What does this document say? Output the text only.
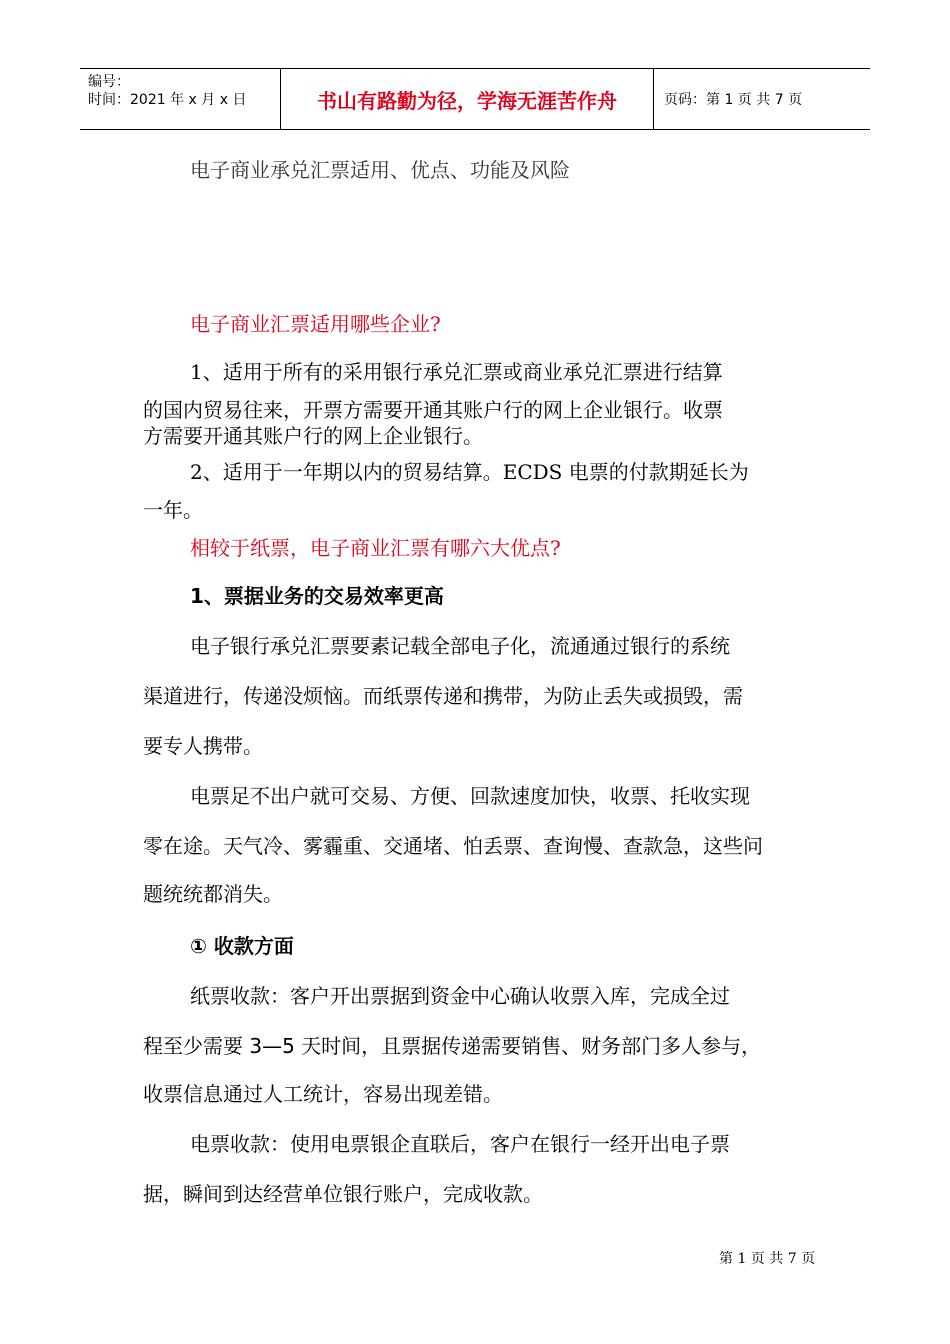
编号：
时间：2021 年 x 月 x 日	书山有路勤为径，学海无涯苦作舟	页码：第 1 页 共 7 页
电子商业承兑汇票适用、优点、功能及风险
电子商业汇票适用哪些企业?
1、适用于所有的采用银行承兑汇票或商业承兑汇票进行结算
的国内贸易往来，开票方需要开通其账户行的网上企业银行。收票
方需要开通其账户行的网上企业银行。
2、适用于一年期以内的贸易结算。ECDS 电票的付款期延长为
一年。
相较于纸票，电子商业汇票有哪六大优点?
1、票据业务的交易效率更高
电子银行承兑汇票要素记载全部电子化，流通通过银行的系统
渠道进行，传递没烦恼。而纸票传递和携带，为防止丢失或损毁，需
要专人携带。
电票足不出户就可交易、方便、回款速度加快，收票、托收实现
零在途。天气冷、雾霾重、交通堵、怕丢票、查询慢、查款急，这些问
题统统都消失。
① 收款方面
纸票收款：客户开出票据到资金中心确认收票入库，完成全过
程至少需要 3—5 天时间，且票据传递需要销售、财务部门多人参与，
收票信息通过人工统计，容易出现差错。
电票收款：使用电票银企直联后，客户在银行一经开出电子票
据，瞬间到达经营单位银行账户，完成收款。
第 1 页 共 7 页
